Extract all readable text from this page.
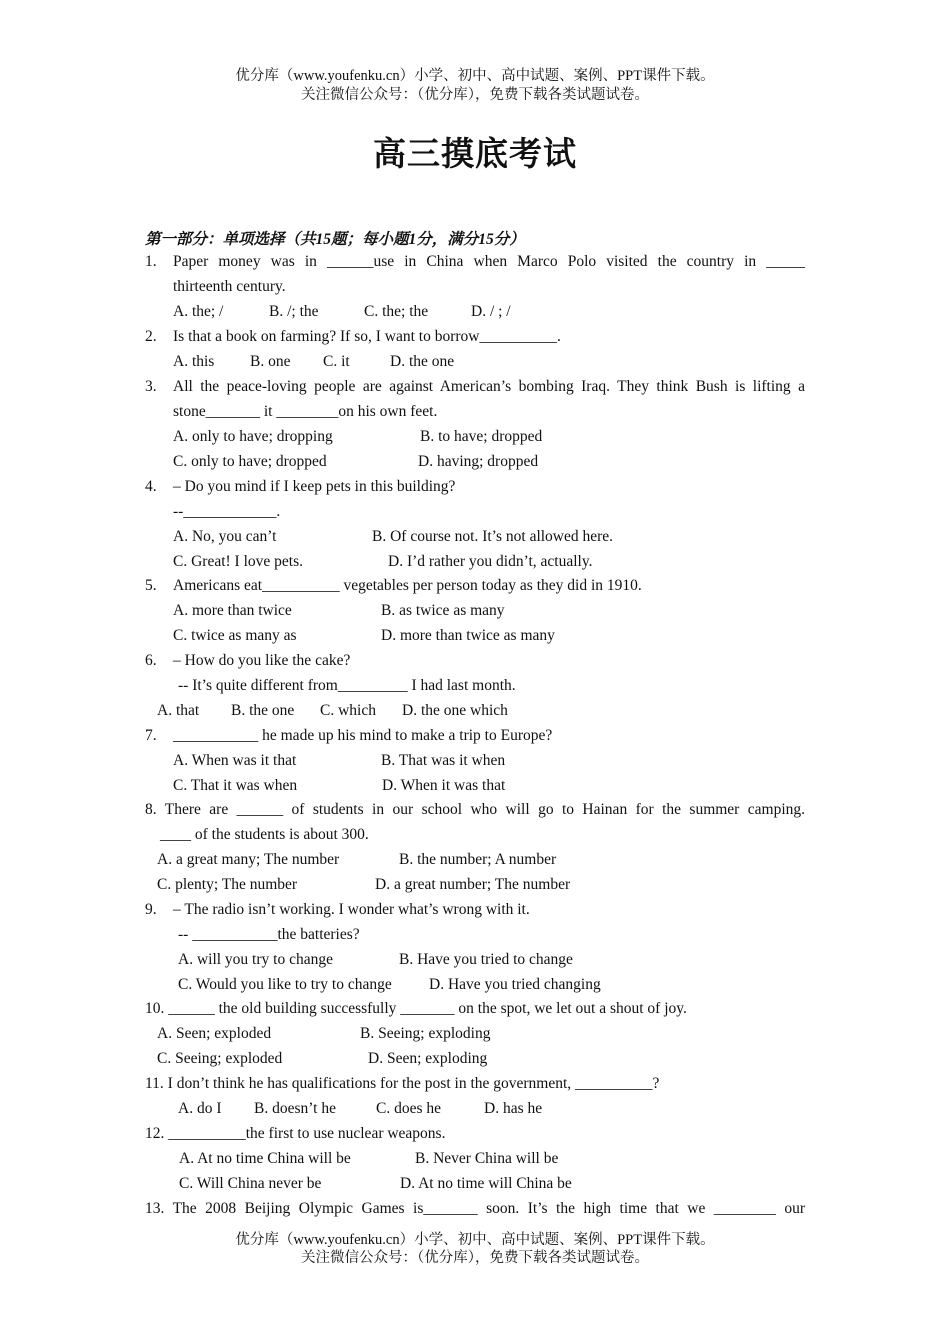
优分库（www.youfenku.cn）小学、初中、高中试题、案例、PPT课件下载。
关注微信公众号：（优分库），免费下载各类试题试卷。
高三摸底考试
第一部分：单项选择（共15题；每小题1分，满分15分）
1. Paper money was in ______use in China when Marco Polo visited the country in _____
thirteenth century.
A. the; /	B. /; the	C. the; the	D. / ; /
2. Is that a book on farming? If so, I want to borrow__________.
A. this B. one C. it	D. the one
3. All the peace-loving people are against American’s bombing Iraq. They think Bush is lifting a
stone_______ it ________on his own feet.
A. only to have; dropping	B. to have; dropped
C. only to have; dropped	D. having; dropped
4. – Do you mind if I keep pets in this building?
--____________.
A. No, you can’t	B. Of course not. It’s not allowed here.
C. Great! I love pets.	D. I’d rather you didn’t, actually.
5. Americans eat__________ vegetables per person today as they did in 1910.
A. more than twice	B. as twice as many
C. twice as many as	D. more than twice as many
6. – How do you like the cake?
-- It’s quite different from_________ I had last month.
A. that B. the one C. which D. the one which
7. ___________ he made up his mind to make a trip to Europe?
A. When was it that	B. That was it when
C. That it was when	D. When it was that
8. There are ______ of students in our school who will go to Hainan for the summer camping.
____ of the students is about 300.
A. a great many; The number	B. the number; A number
C. plenty; The number	D. a great number; The number
9. – The radio isn’t working. I wonder what’s wrong with it.
-- ___________the batteries?
A. will you try to change	B. Have you tried to change
C. Would you like to try to change D. Have you tried changing
10. ______ the old building successfully _______ on the spot, we let out a shout of joy.
A. Seen; exploded	B. Seeing; exploding
C. Seeing; exploded	D. Seen; exploding
11. I don’t think he has qualifications for the post in the government, __________?
A. do I B. doesn’t he	C. does he	D. has he
12. __________the first to use nuclear weapons.
A. At no time China will be	B. Never China will be
C. Will China never be	D. At no time will China be
13. The 2008 Beijing Olympic Games is_______ soon. It’s the high time that we ________ our
优分库（www.youfenku.cn）小学、初中、高中试题、案例、PPT课件下载。
关注微信公众号：（优分库），免费下载各类试题试卷。
